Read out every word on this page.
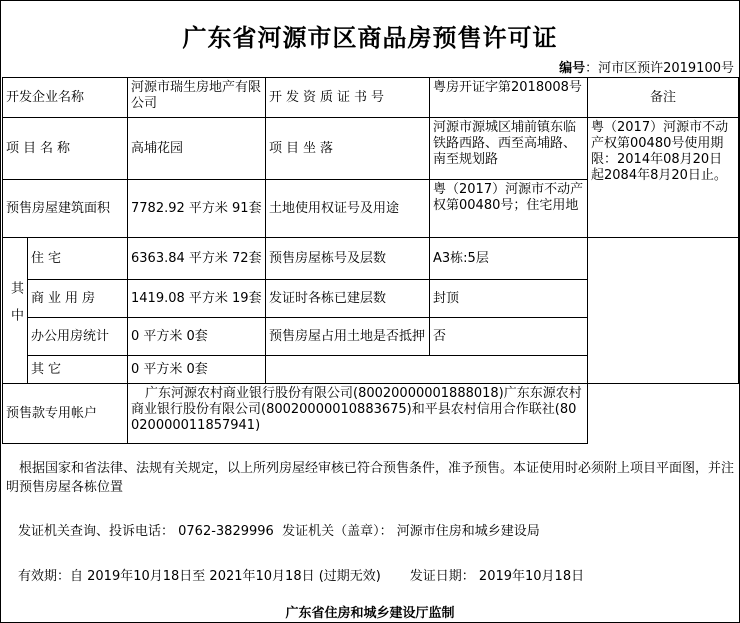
广东省河源市区商品房预售许可证
编号：河市区预许2019100号
开发企业名称		河源市瑞生房地产有限公司	开发资质证书号	粤房开证字第2018008号	备注
项目名称		高埔花园	项目坐落	河源市源城区埔前镇东临铁路西路、西至高埔路、南至规划路	粤（2017）河源市不动产权第00480号使用期限：2014年08月20日起2084年8月20日止。
预售房屋建筑面积		7782.92 平方米 91套	土地使用权证号及用途	粤（2017）河源市不动产权第00480号；住宅用地	
其中	住宅	6363.84 平方米 72套	预售房屋栋号及层数	A3栋:5层	
	商业用房	1419.08 平方米 19套	发证时各栋已建层数	封顶	
	办公用房统计	0 平方米 0套	预售房屋占用土地是否抵押	否	
	其它	0 平方米 0套			
预售款专用帐户		广东河源农村商业银行股份有限公司(80020000001888018)广东东源农村商业银行股份有限公司(80020000010883675)和平县农村信用合作联社(80020000011857941)			
根据国家和省法律、法规有关规定，以上所列房屋经审核已符合预售条件，准予预售。本证使用时必须附上项目平面图，并注明预售房屋各栋位置
发证机关查询、投诉电话： 0762-3829996  发证机关（盖章）： 河源市住房和城乡建设局
有效期：自 2019年10月18日至 2021年10月18日 (过期无效)       发证日期： 2019年10月18日
广东省住房和城乡建设厅监制
